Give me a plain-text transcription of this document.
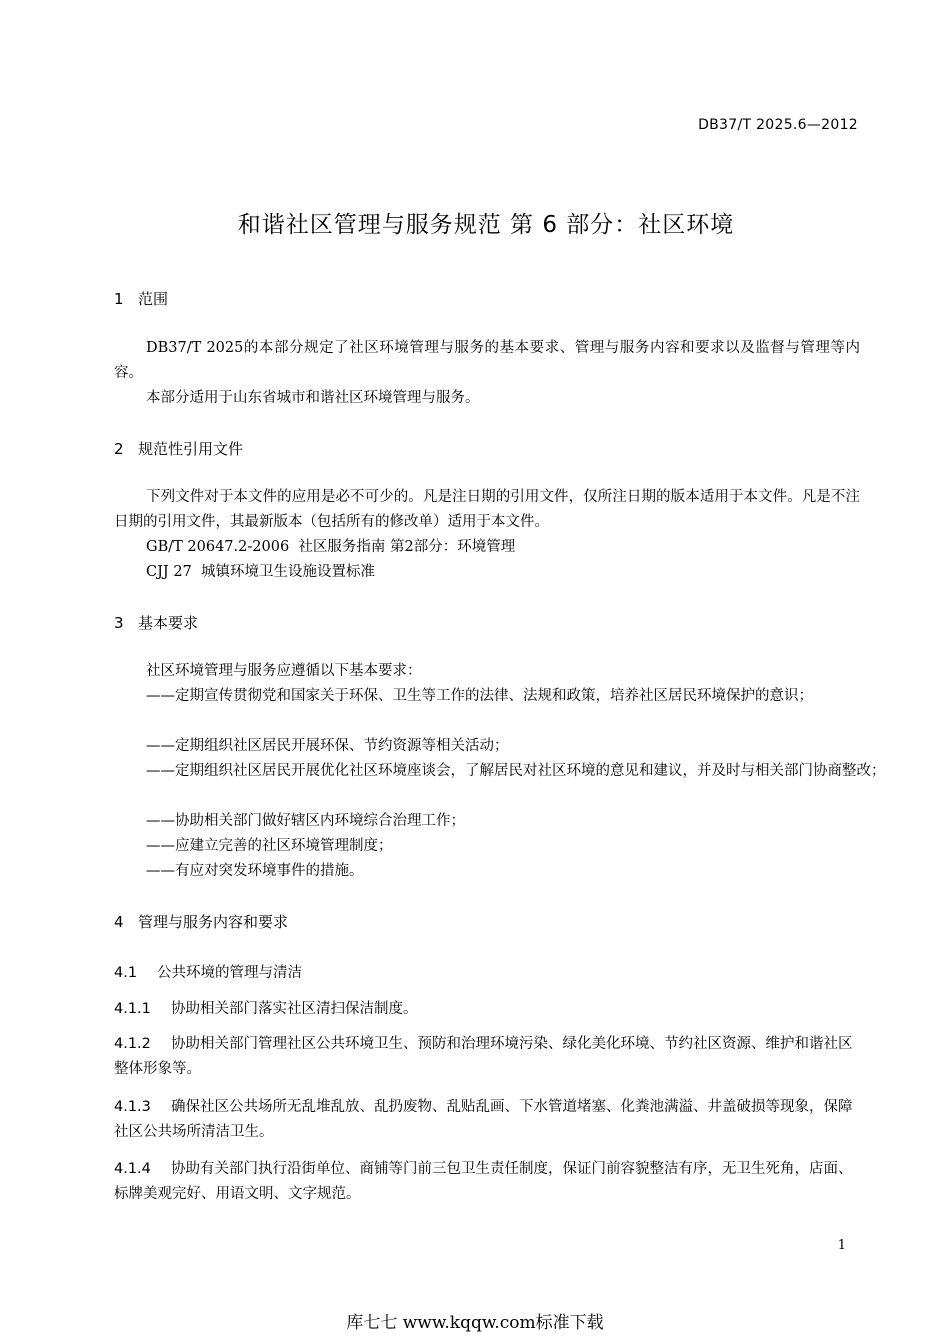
DB37/T 2025.6—2012
和谐社区管理与服务规范 第 6 部分：社区环境
1 范围
DB37/T 2025的本部分规定了社区环境管理与服务的基本要求、管理与服务内容和要求以及监督与管理等内容。
本部分适用于山东省城市和谐社区环境管理与服务。
2 规范性引用文件
下列文件对于本文件的应用是必不可少的。凡是注日期的引用文件，仅所注日期的版本适用于本文件。凡是不注日期的引用文件，其最新版本（包括所有的修改单）适用于本文件。
GB/T 20647.2-2006 社区服务指南 第2部分：环境管理
CJJ 27 城镇环境卫生设施设置标准
3 基本要求
社区环境管理与服务应遵循以下基本要求：
——定期宣传贯彻党和国家关于环保、卫生等工作的法律、法规和政策，培养社区居民环境保护的意识；
——定期组织社区居民开展环保、节约资源等相关活动；
——定期组织社区居民开展优化社区环境座谈会，了解居民对社区环境的意见和建议，并及时与相关部门协商整改；
——协助相关部门做好辖区内环境综合治理工作；
——应建立完善的社区环境管理制度；
——有应对突发环境事件的措施。
4 管理与服务内容和要求
4.1 公共环境的管理与清洁
4.1.1 协助相关部门落实社区清扫保洁制度。
4.1.2 协助相关部门管理社区公共环境卫生、预防和治理环境污染、绿化美化环境、节约社区资源、维护和谐社区整体形象等。
4.1.3 确保社区公共场所无乱堆乱放、乱扔废物、乱贴乱画、下水管道堵塞、化粪池满溢、井盖破损等现象，保障社区公共场所清洁卫生。
4.1.4 协助有关部门执行沿街单位、商铺等门前三包卫生责任制度，保证门前容貌整洁有序，无卫生死角，店面、标牌美观完好、用语文明、文字规范。
1
库七七 www.kqqw.com标准下载
